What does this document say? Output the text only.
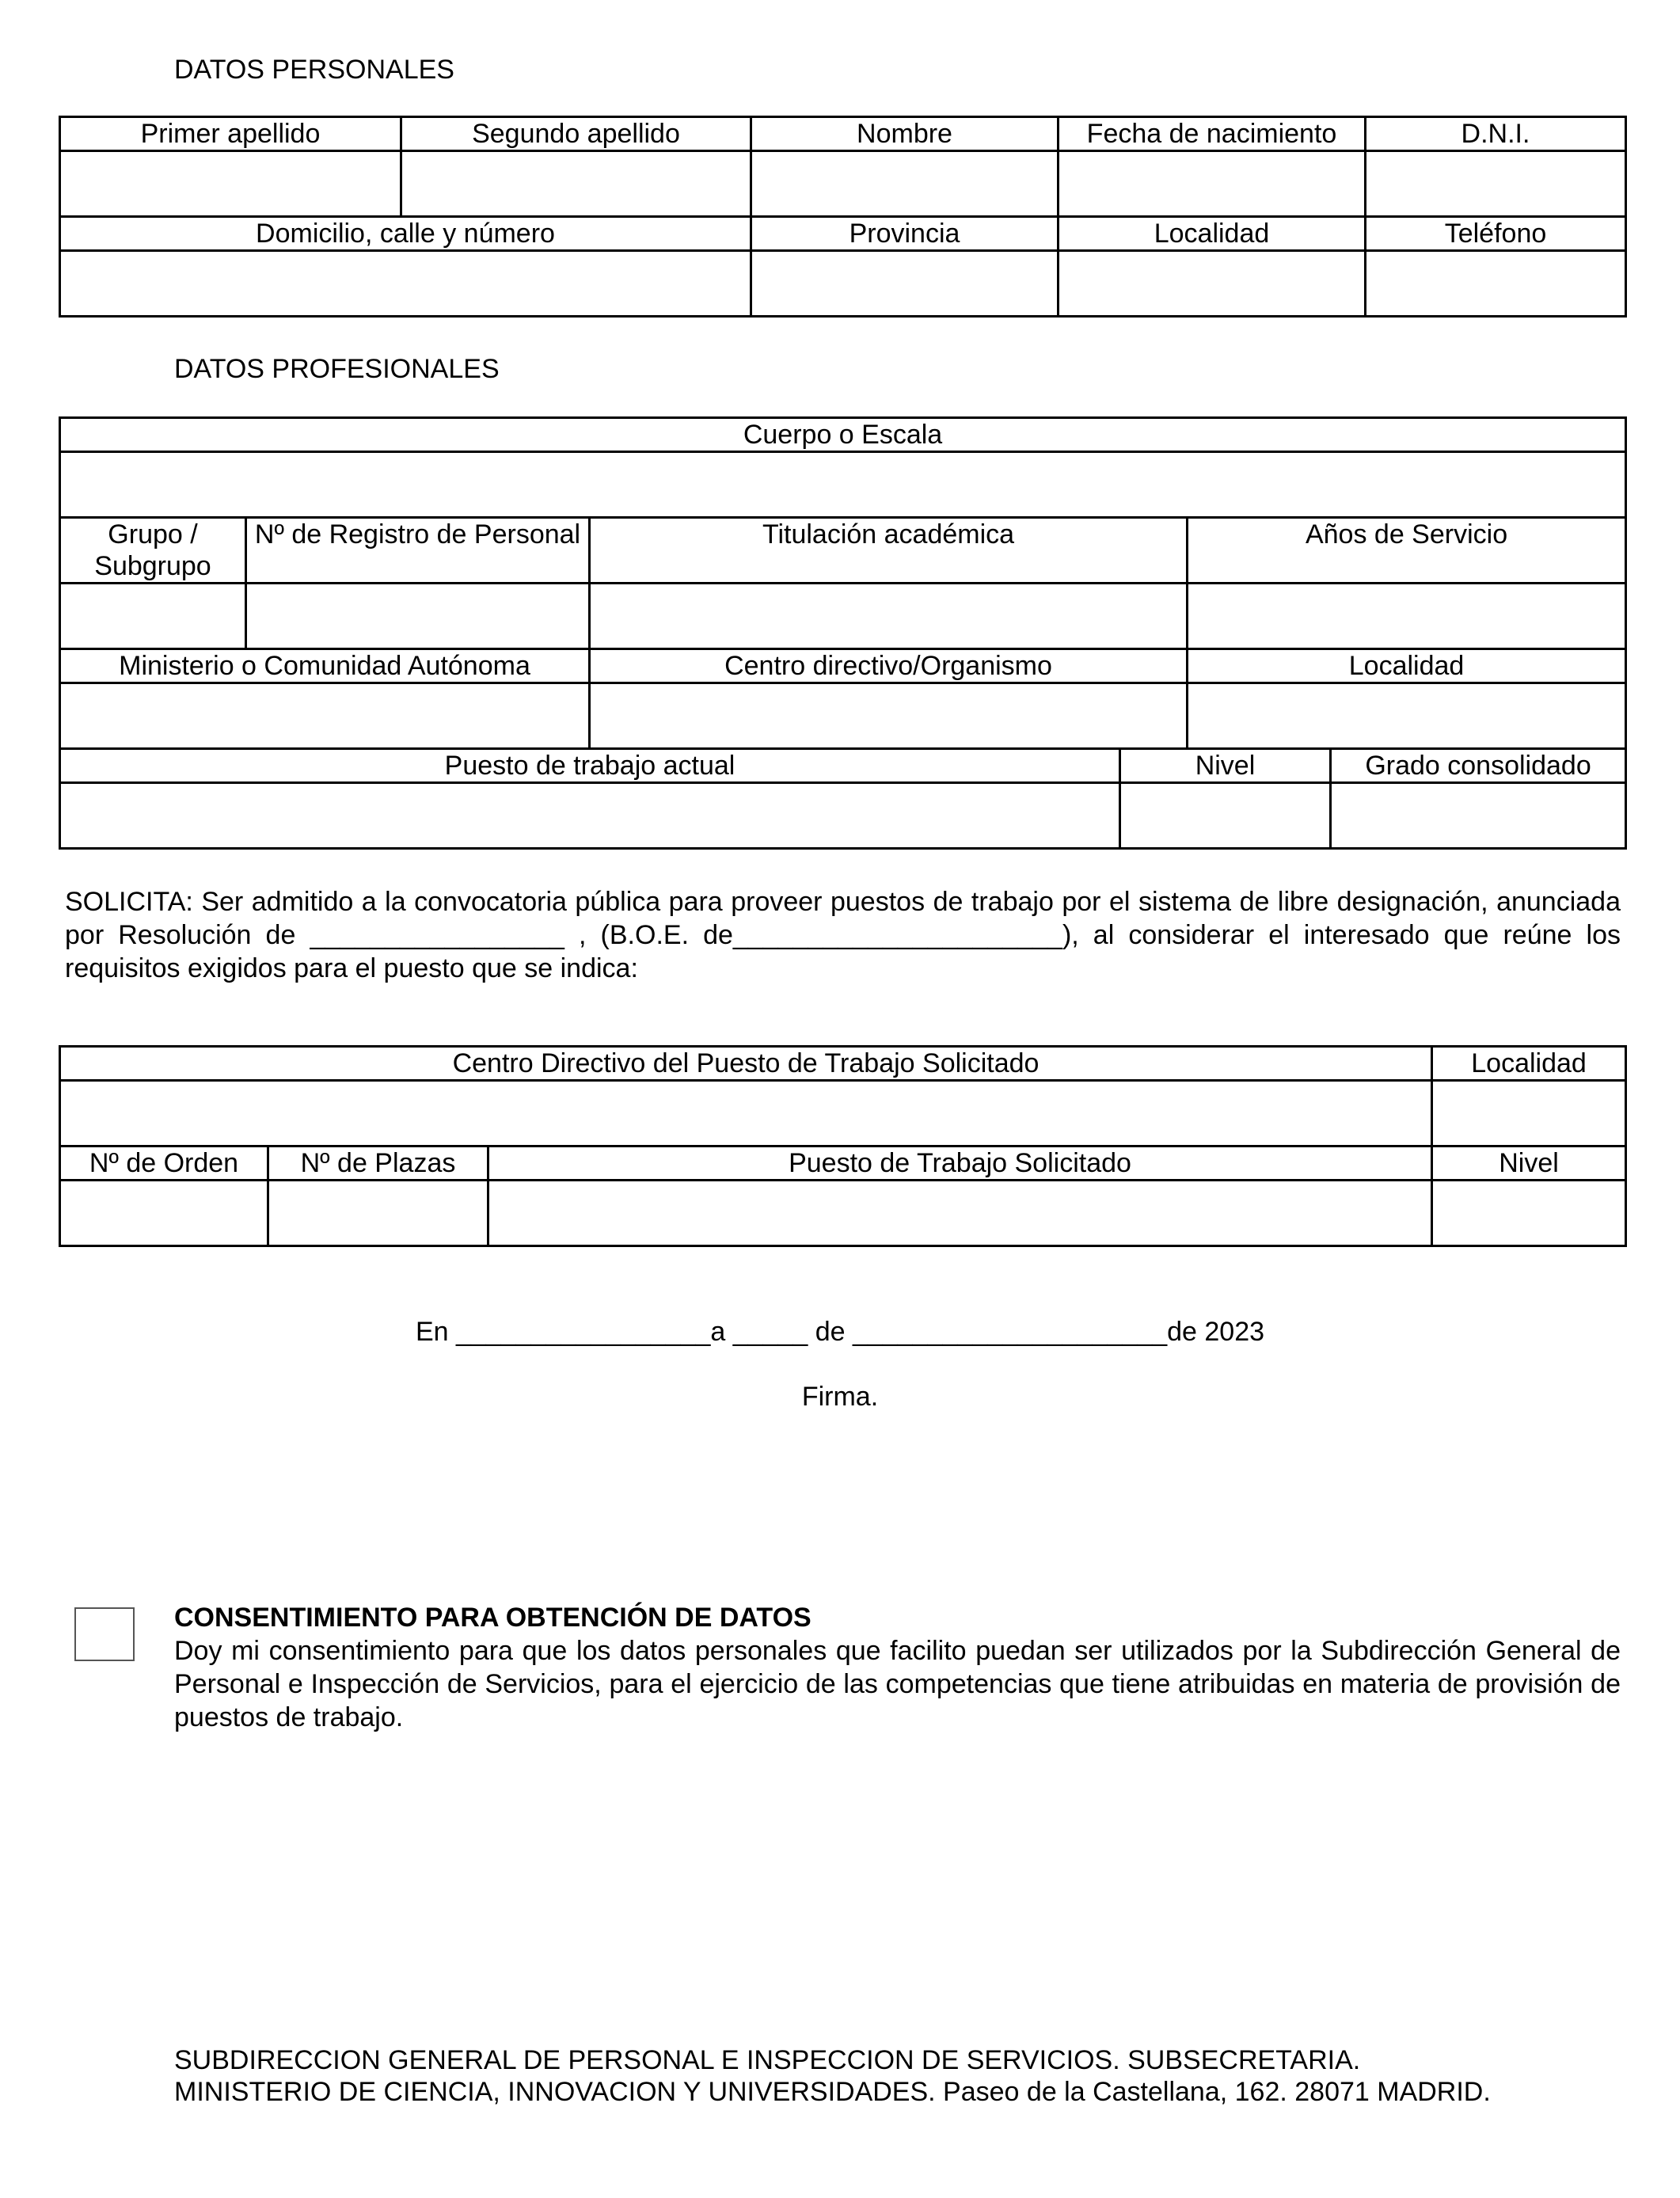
DATOS PERSONALES
Primer apellido	Segundo apellido	Nombre	Fecha de nacimiento	D.N.I.

Domicilio, calle y número		Provincia	Localidad	Teléfono

DATOS PROFESIONALES
Cuerpo o Escala					

Grupo / Subgrupo	Nº de Registro de Personal	Titulación académica		Años de Servicio	

Ministerio o Comunidad Autónoma		Centro directivo/Organismo		Localidad	

Puesto de trabajo actual			Nivel		Grado consolidado

SOLICITA: Ser admitido a la convocatoria pública para proveer puestos de trabajo por el sistema de libre designación, anunciada por Resolución de _________________ , (B.O.E. de______________________), al considerar el interesado que reúne los requisitos exigidos para el puesto que se indica:
Centro Directivo del Puesto de Trabajo Solicitado			Localidad

Nº de Orden	Nº de Plazas	Puesto de Trabajo Solicitado	Nivel

En _________________a _____ de _____________________de 2023
Firma.
CONSENTIMIENTO PARA OBTENCIÓN DE DATOS
Doy mi consentimiento para que los datos personales que facilito puedan ser utilizados por la Subdirección General de Personal e Inspección de Servicios, para el ejercicio de las competencias que tiene atribuidas en materia de provisión de puestos de trabajo.
SUBDIRECCION GENERAL DE PERSONAL E INSPECCION DE SERVICIOS. SUBSECRETARIA.
MINISTERIO DE CIENCIA, INNOVACION Y UNIVERSIDADES. Paseo de la Castellana, 162. 28071 MADRID.
